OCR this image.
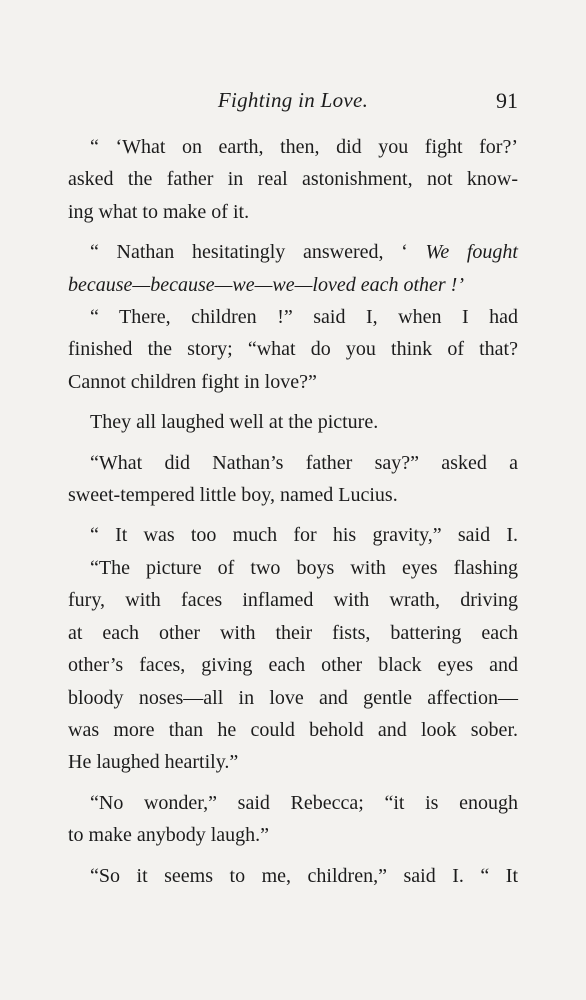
Fighting in Love.	91

“ ‘What on earth, then, did you fight for?’

asked the father in real astonishment, not know-

ing what to make of it.

“ Nathan hesitatingly answered, ‘ We fought

because—because—we—we—loved each other !’

“ There, children !” said I, when I had

finished the story; “what do you think of that?

Cannot children fight in love?”

They all laughed well at the picture.

“What did Nathan’s father say?” asked a

sweet-tempered little boy, named Lucius.

“ It was too much for his gravity,” said I.

“The picture of two boys with eyes flashing

fury, with faces inflamed with wrath, driving

at each other with their fists, battering each

other’s faces, giving each other black eyes and

bloody noses—all in love and gentle affection—

was more than he could behold and look sober.

He laughed heartily.”

“No wonder,” said Rebecca; “it is enough

to make anybody laugh.”

“So it seems to me, children,” said I. “ It
